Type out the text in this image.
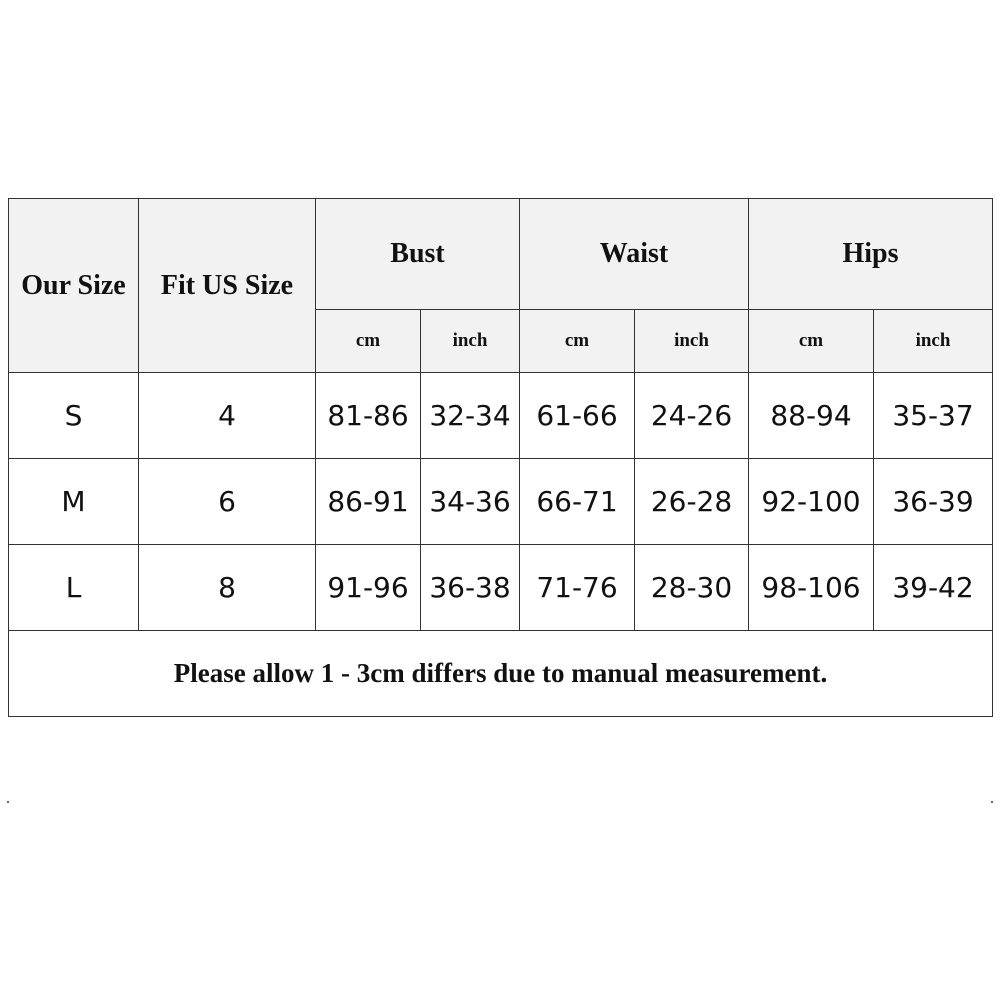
Our Size	Fit US Size	Bust		Waist		Hips	
		cm	inch	cm	inch	cm	inch
S	4	81-86	32-34	61-66	24-26	88-94	35-37
M	6	86-91	34-36	66-71	26-28	92-100	36-39
L	8	91-96	36-38	71-76	28-30	98-106	39-42
Please allow 1 - 3cm differs due to manual measurement.							
